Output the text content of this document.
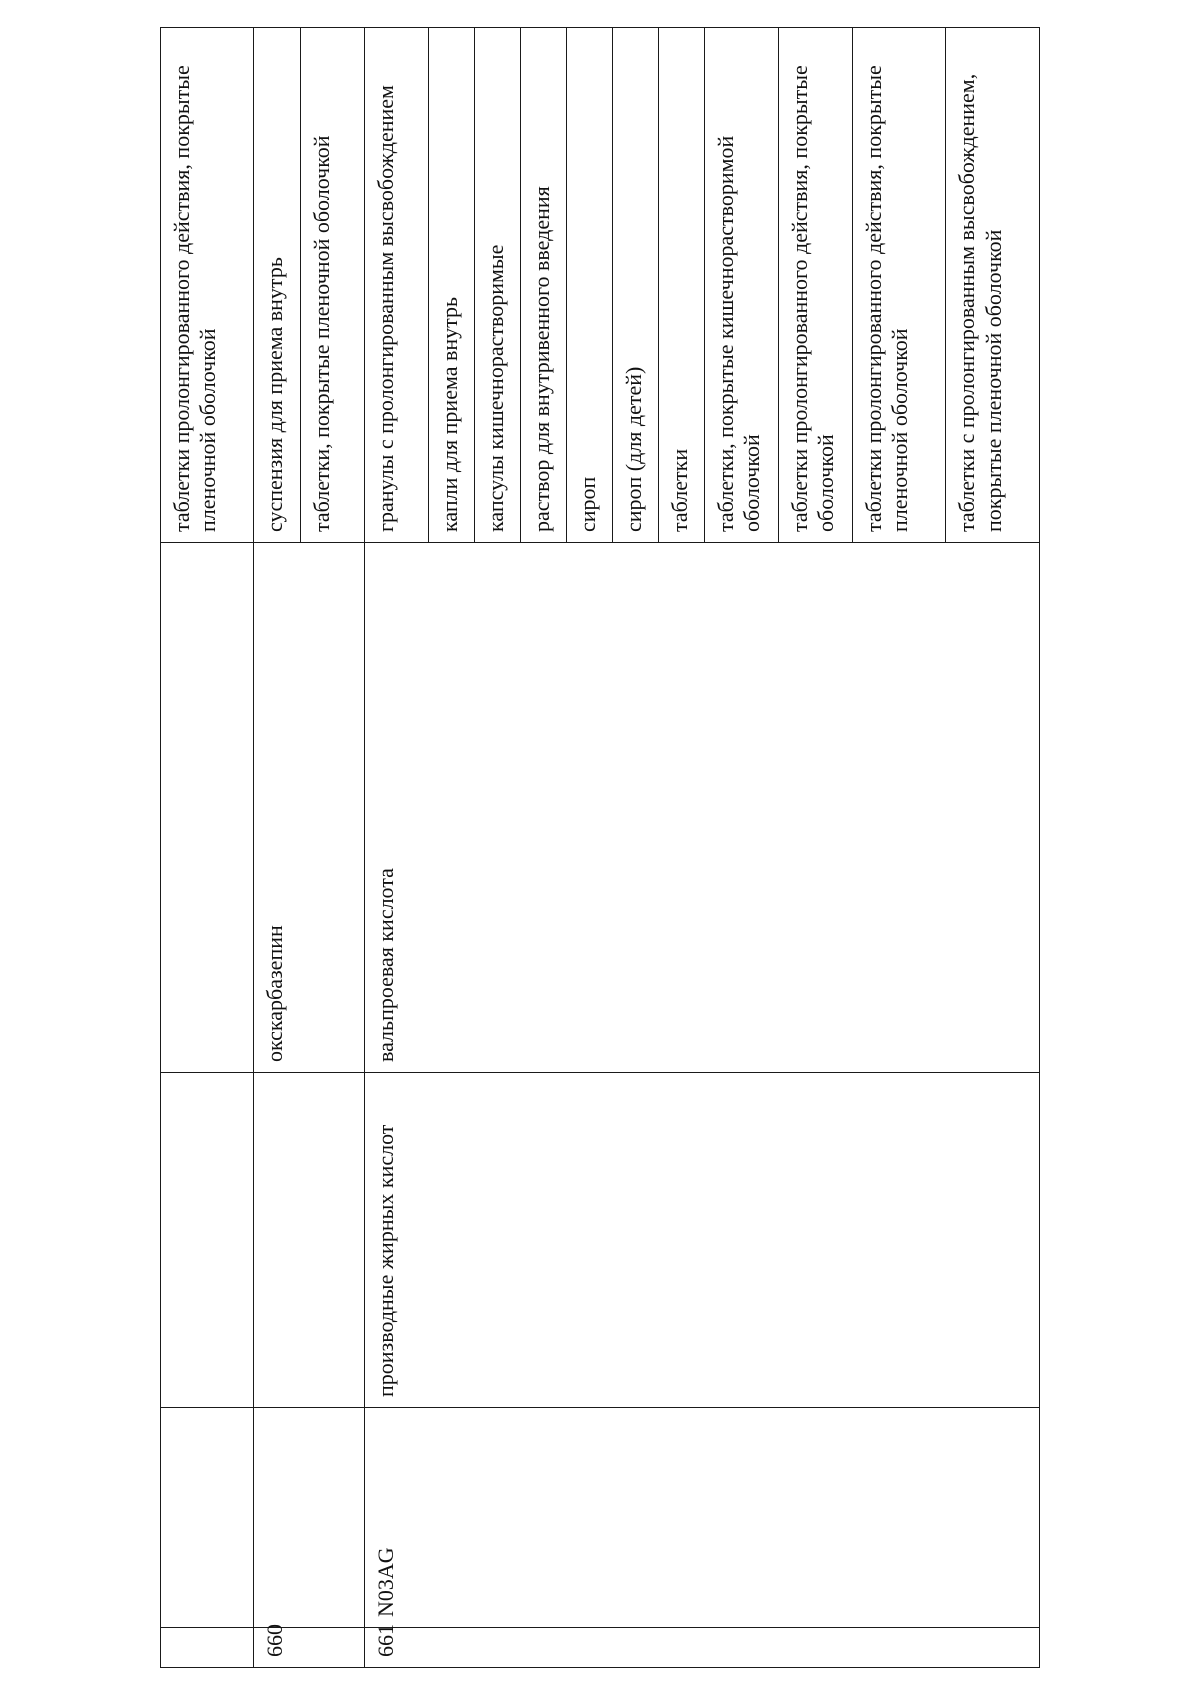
				таблетки пролонгированного действия, покрытые пленочной оболочкой
660			окскарбазепин	суспензия для приема внутрь
				таблетки, покрытые пленочной оболочкой
661	N03AG	производные жирных кислот	вальпроевая кислота	гранулы с пролонгированным высвобождением
				капли для приема внутрь
				капсулы кишечнорастворимые
				раствор для внутривенного введения
				сироп
				сироп (для детей)
				таблетки
				таблетки, покрытые кишечнорастворимой оболочкой
				таблетки пролонгированного действия, покрытые оболочкой
				таблетки пролонгированного действия, покрытые пленочной оболочкой
				таблетки с пролонгированным высвобождением, покрытые пленочной оболочкой
